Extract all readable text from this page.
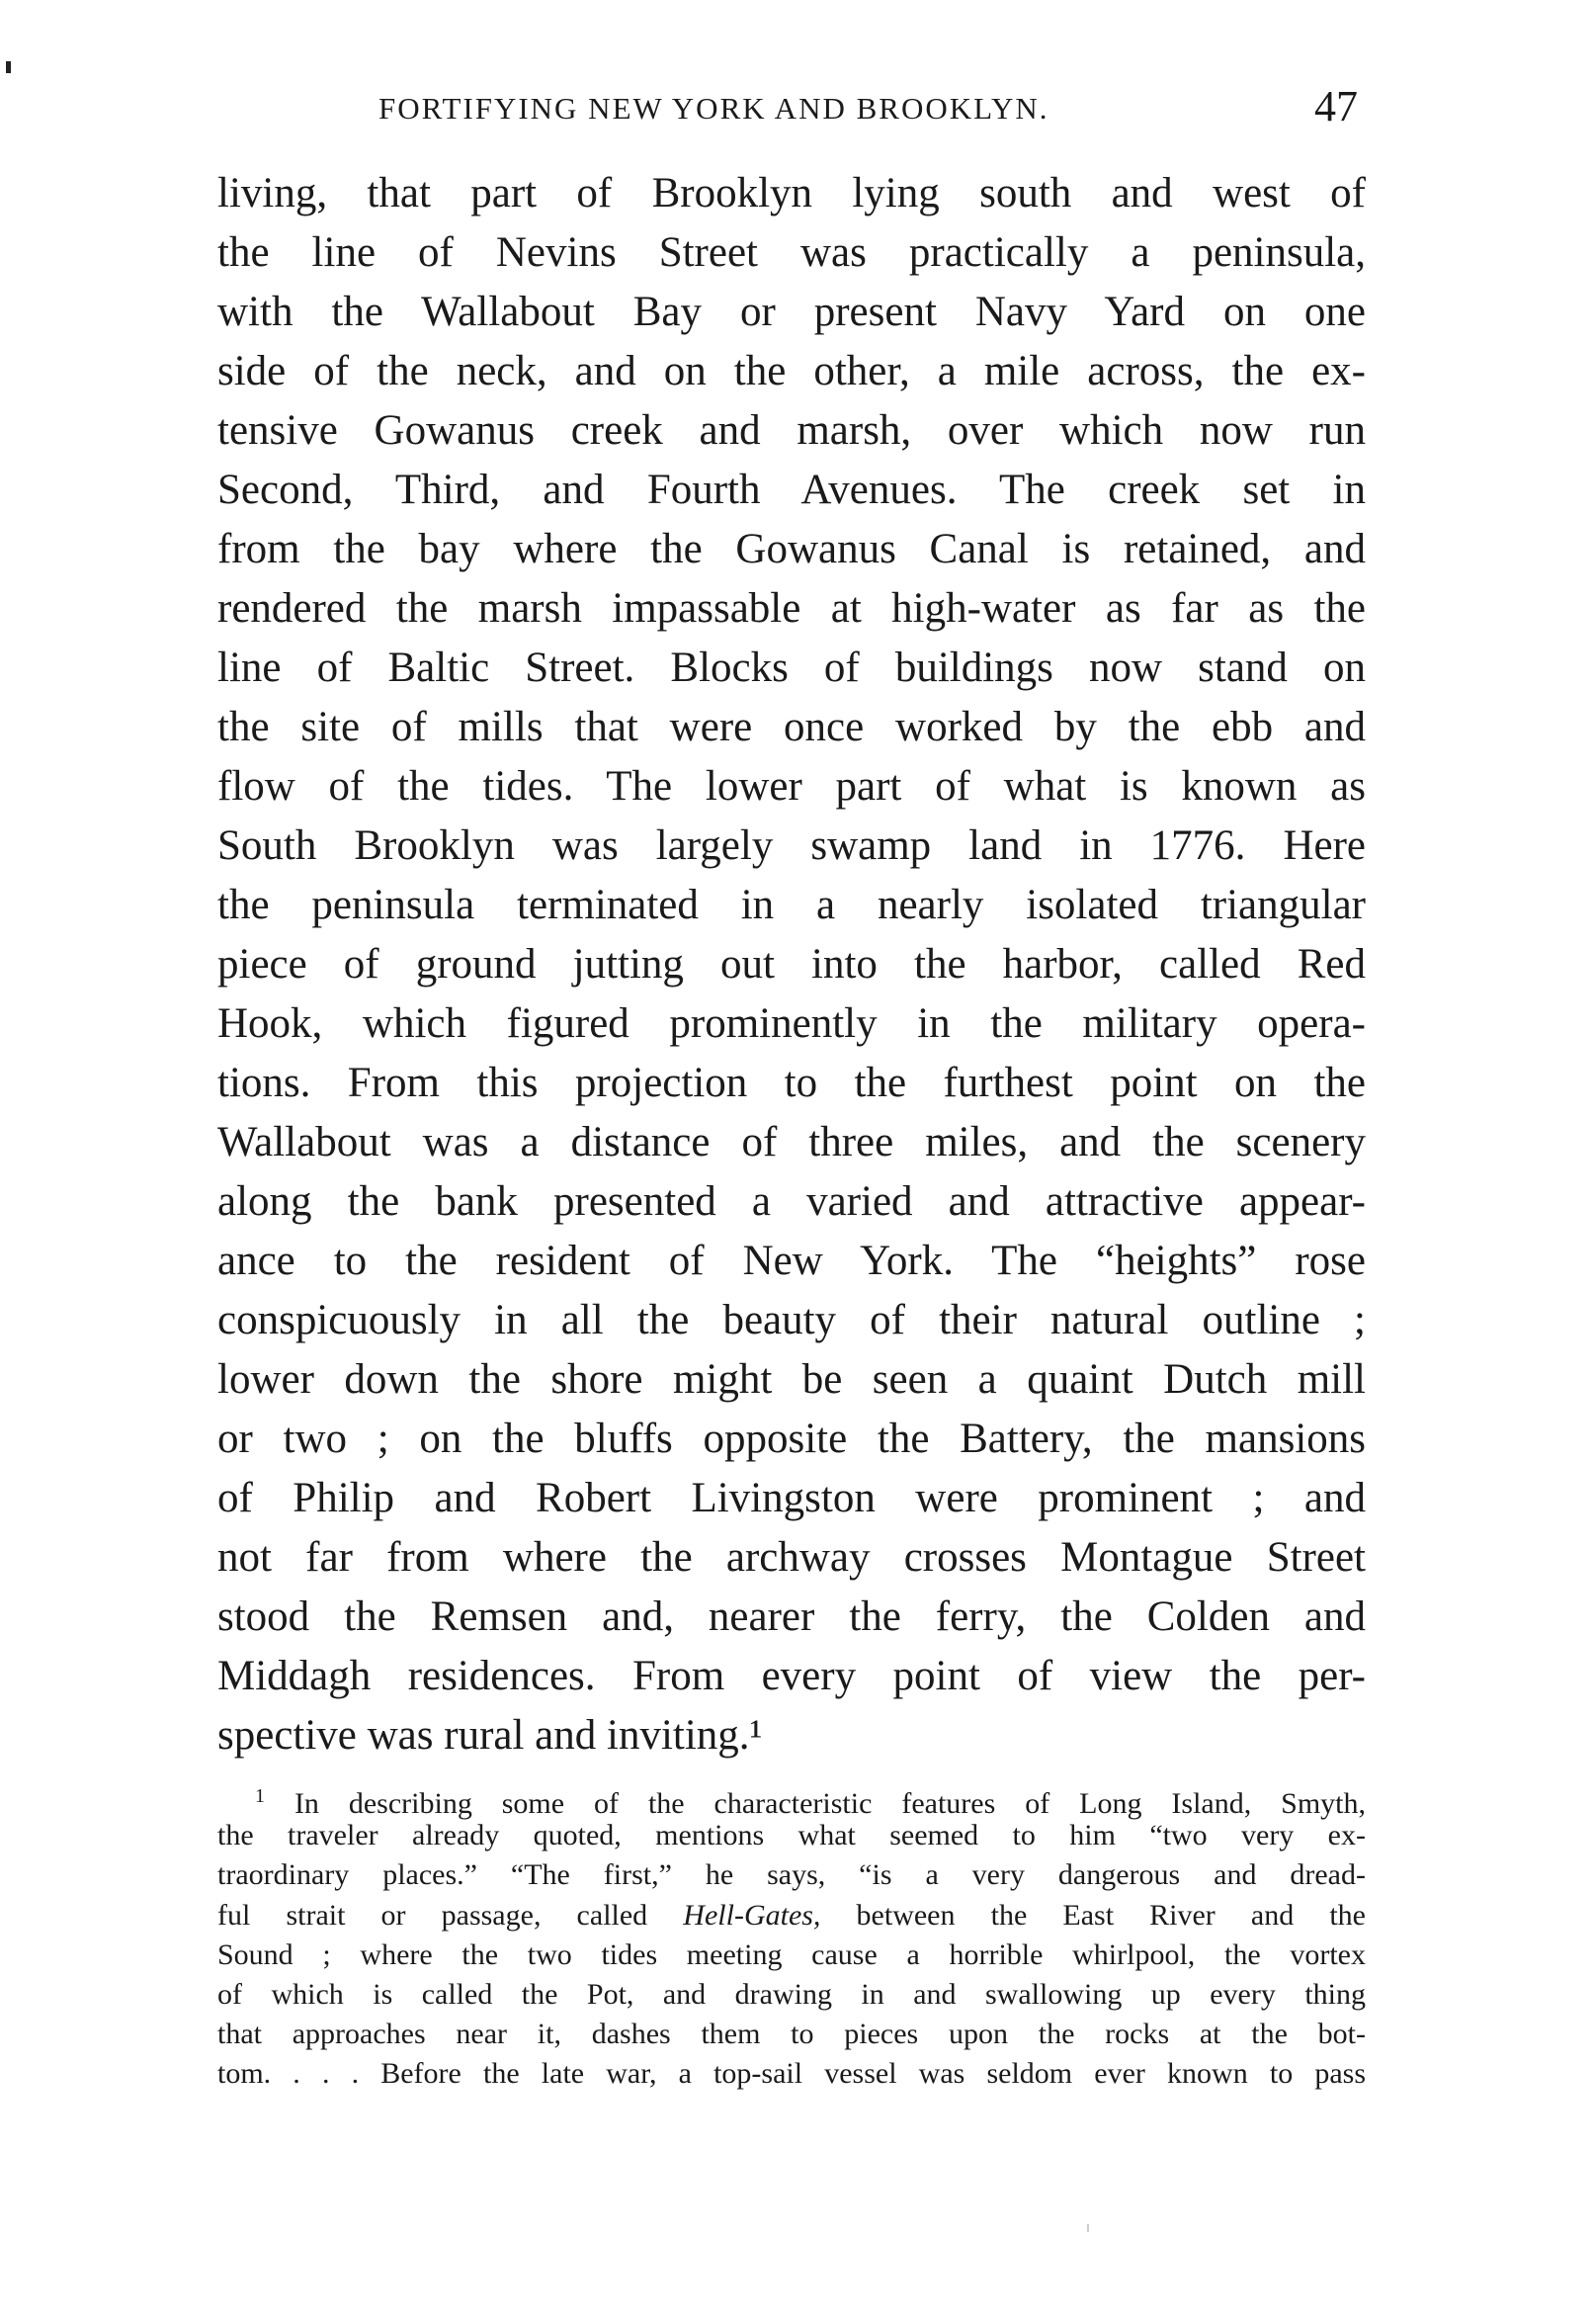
FORTIFYING NEW YORK AND BROOKLYN.	47
living, that part of Brooklyn lying south and west of
the line of Nevins Street was practically a peninsula,
with the Wallabout Bay or present Navy Yard on one
side of the neck, and on the other, a mile across, the ex-
tensive Gowanus creek and marsh, over which now run
Second, Third, and Fourth Avenues. The creek set in
from the bay where the Gowanus Canal is retained, and
rendered the marsh impassable at high-water as far as the
line of Baltic Street. Blocks of buildings now stand on
the site of mills that were once worked by the ebb and
flow of the tides. The lower part of what is known as
South Brooklyn was largely swamp land in 1776. Here
the peninsula terminated in a nearly isolated triangular
piece of ground jutting out into the harbor, called Red
Hook, which figured prominently in the military opera-
tions. From this projection to the furthest point on the
Wallabout was a distance of three miles, and the scenery
along the bank presented a varied and attractive appear-
ance to the resident of New York. The “heights” rose
conspicuously in all the beauty of their natural outline ;
lower down the shore might be seen a quaint Dutch mill
or two ; on the bluffs opposite the Battery, the mansions
of Philip and Robert Livingston were prominent ; and
not far from where the archway crosses Montague Street
stood the Remsen and, nearer the ferry, the Colden and
Middagh residences. From every point of view the per-
spective was rural and inviting.¹
$^1$ In describing some of the characteristic features of Long Island, Smyth,
the traveler already quoted, mentions what seemed to him “two very ex-
traordinary places.” “The first,” he says, “is a very dangerous and dread-
ful strait or passage, called Hell-Gates, between the East River and the
Sound ; where the two tides meeting cause a horrible whirlpool, the vortex
of which is called the Pot, and drawing in and swallowing up every thing
that approaches near it, dashes them to pieces upon the rocks at the bot-
tom. . . . Before the late war, a top-sail vessel was seldom ever known to pass
